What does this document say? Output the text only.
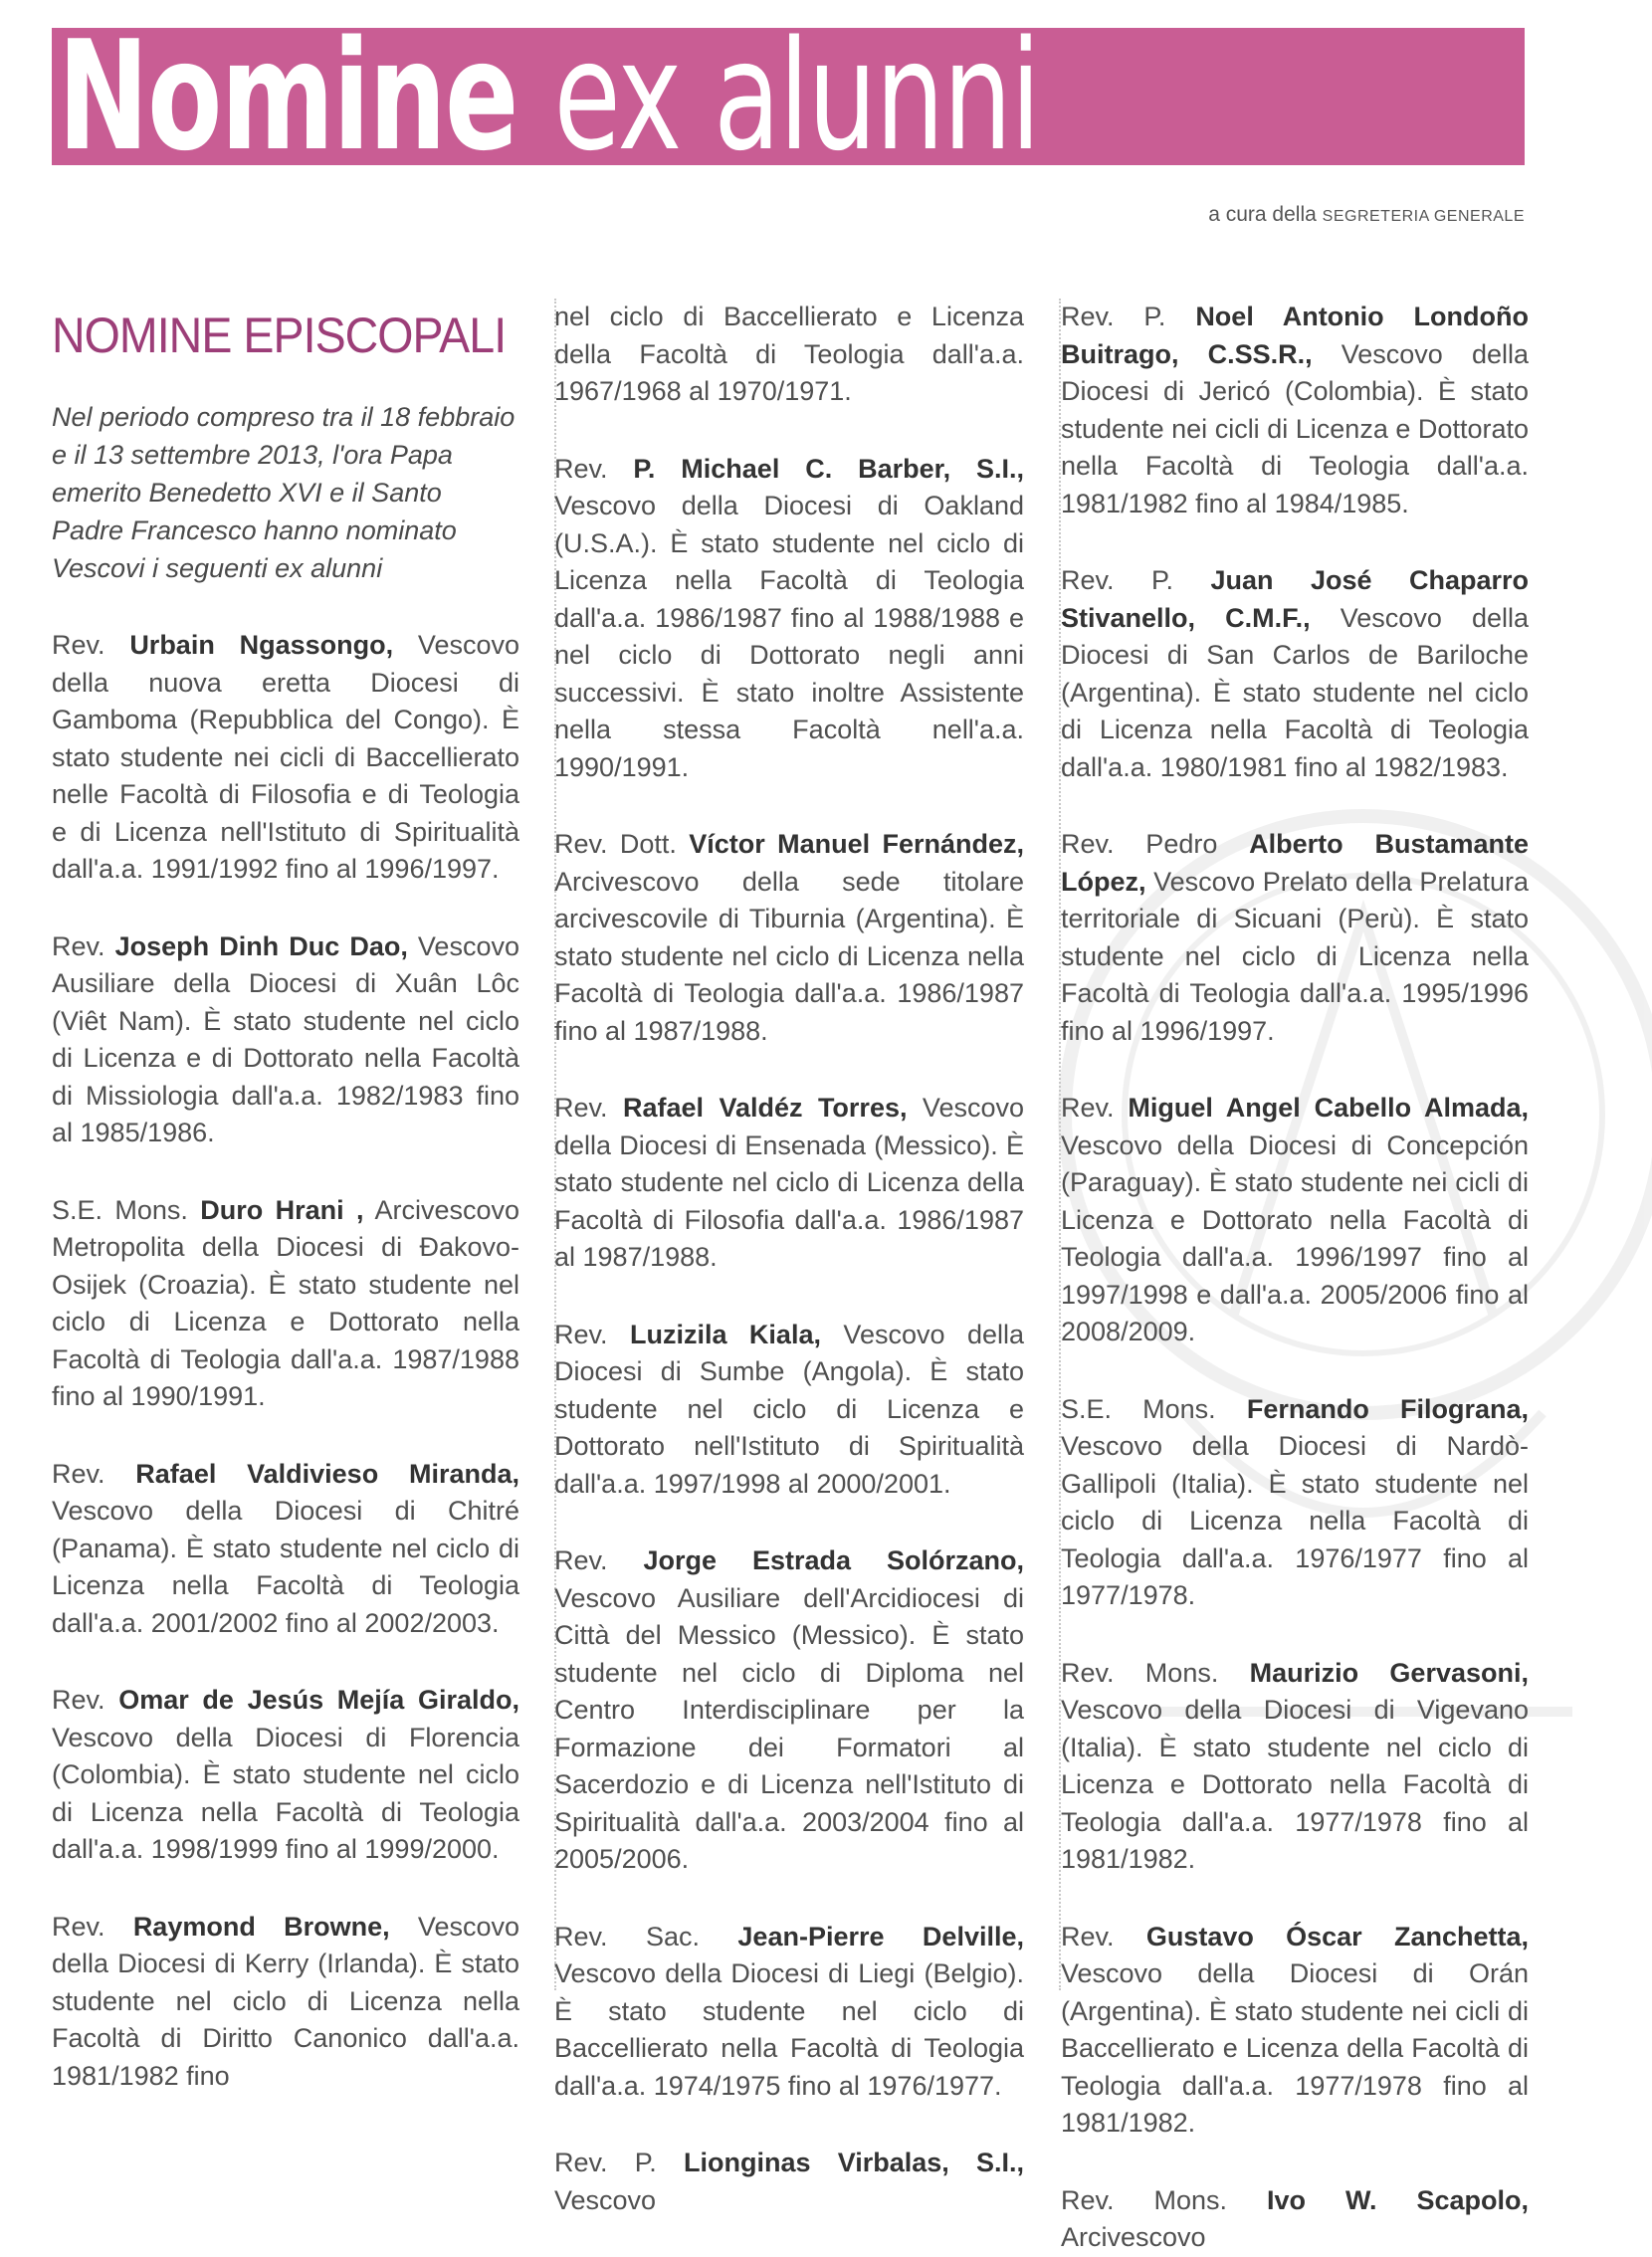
Nomine ex alunni
a cura della SEGRETERIA GENERALE
NOMINE EPISCOPALI

Nel periodo compreso tra il 18 febbraio e il 13 settembre 2013, l'ora Papa emerito Benedetto XVI e il Santo Padre Francesco hanno nominato Vescovi i seguenti ex alunni

Rev. Urbain Ngassongo, Vescovo della nuova eretta Diocesi di Gamboma (Repubblica del Congo). È stato studente nei cicli di Baccellierato nelle Facoltà di Filosofia e di Teologia e di Licenza nell'Istituto di Spiritualità dall'a.a. 1991/1992 fino al 1996/1997.

Rev. Joseph Dinh Duc Dao, Vescovo Ausiliare della Diocesi di Xuân Lôc (Viêt Nam). È stato studente nel ciclo di Licenza e di Dottorato nella Facoltà di Missiologia dall'a.a. 1982/1983 fino al 1985/1986.

S.E. Mons. Duro Hrani , Arcivescovo Metropolita della Diocesi di Đakovo-Osijek (Croazia). È stato studente nel ciclo di Licenza e Dottorato nella Facoltà di Teologia dall'a.a. 1987/1988 fino al 1990/1991.

Rev. Rafael Valdivieso Miranda, Vescovo della Diocesi di Chitré (Panama). È stato studente nel ciclo di Licenza nella Facoltà di Teologia dall'a.a. 2001/2002 fino al 2002/2003.

Rev. Omar de Jesús Mejía Giraldo, Vescovo della Diocesi di Florencia (Colombia). È stato studente nel ciclo di Licenza nella Facoltà di Teologia dall'a.a. 1998/1999 fino al 1999/2000.

Rev. Raymond Browne, Vescovo della Diocesi di Kerry (Irlanda). È stato studente nel ciclo di Licenza nella Facoltà di Diritto Canonico dall'a.a. 1981/1982 fino

nel ciclo di Baccellierato e Licenza della Facoltà di Teologia dall'a.a. 1967/1968 al 1970/1971.

Rev. P. Michael C. Barber, S.I., Vescovo della Diocesi di Oakland (U.S.A.). È stato studente nel ciclo di Licenza nella Facoltà di Teologia dall'a.a. 1986/1987 fino al 1988/1988 e nel ciclo di Dottorato negli anni successivi. È stato inoltre Assistente nella stessa Facoltà nell'a.a. 1990/1991.

Rev. Dott. Víctor Manuel Fernández, Arcivescovo della sede titolare arcivescovile di Tiburnia (Argentina). È stato studente nel ciclo di Licenza nella Facoltà di Teologia dall'a.a. 1986/1987 fino al 1987/1988.

Rev. Rafael Valdéz Torres, Vescovo della Diocesi di Ensenada (Messico). È stato studente nel ciclo di Licenza della Facoltà di Filosofia dall'a.a. 1986/1987 al 1987/1988.

Rev. Luzizila Kiala, Vescovo della Diocesi di Sumbe (Angola). È stato studente nel ciclo di Licenza e Dottorato nell'Istituto di Spiritualità dall'a.a. 1997/1998 al 2000/2001.

Rev. Jorge Estrada Solórzano, Vescovo Ausiliare dell'Arcidiocesi di Città del Messico (Messico). È stato studente nel ciclo di Diploma nel Centro Interdisciplinare per la Formazione dei Formatori al Sacerdozio e di Licenza nell'Istituto di Spiritualità dall'a.a. 2003/2004 fino al 2005/2006.

Rev. Sac. Jean-Pierre Delville, Vescovo della Diocesi di Liegi (Belgio). È stato studente nel ciclo di Baccellierato nella Facoltà di Teologia dall'a.a. 1974/1975 fino al 1976/1977.

Rev. P. Lionginas Virbalas, S.I., Vescovo

Rev. P. Noel Antonio Londoño Buitrago, C.SS.R., Vescovo della Diocesi di Jericó (Colombia). È stato studente nei cicli di Licenza e Dottorato nella Facoltà di Teologia dall'a.a. 1981/1982 fino al 1984/1985.

Rev. P. Juan José Chaparro Stivanello, C.M.F., Vescovo della Diocesi di San Carlos de Bariloche (Argentina). È stato studente nel ciclo di Licenza nella Facoltà di Teologia dall'a.a. 1980/1981 fino al 1982/1983.

Rev. Pedro Alberto Bustamante López, Vescovo Prelato della Prelatura territoriale di Sicuani (Perù). È stato studente nel ciclo di Licenza nella Facoltà di Teologia dall'a.a. 1995/1996 fino al 1996/1997.

Rev. Miguel Angel Cabello Almada, Vescovo della Diocesi di Concepción (Paraguay). È stato studente nei cicli di Licenza e Dottorato nella Facoltà di Teologia dall'a.a. 1996/1997 fino al 1997/1998 e dall'a.a. 2005/2006 fino al 2008/2009.

S.E. Mons. Fernando Filograna, Vescovo della Diocesi di Nardò-Gallipoli (Italia). È stato studente nel ciclo di Licenza nella Facoltà di Teologia dall'a.a. 1976/1977 fino al 1977/1978.

Rev. Mons. Maurizio Gervasoni, Vescovo della Diocesi di Vigevano (Italia). È stato studente nel ciclo di Licenza e Dottorato nella Facoltà di Teologia dall'a.a. 1977/1978 fino al 1981/1982.

Rev. Gustavo Óscar Zanchetta, Vescovo della Diocesi di Orán (Argentina). È stato studente nei cicli di Baccellierato e Licenza della Facoltà di Teologia dall'a.a. 1977/1978 fino al 1981/1982.

Rev. Mons. Ivo W. Scapolo, Arcivescovo
